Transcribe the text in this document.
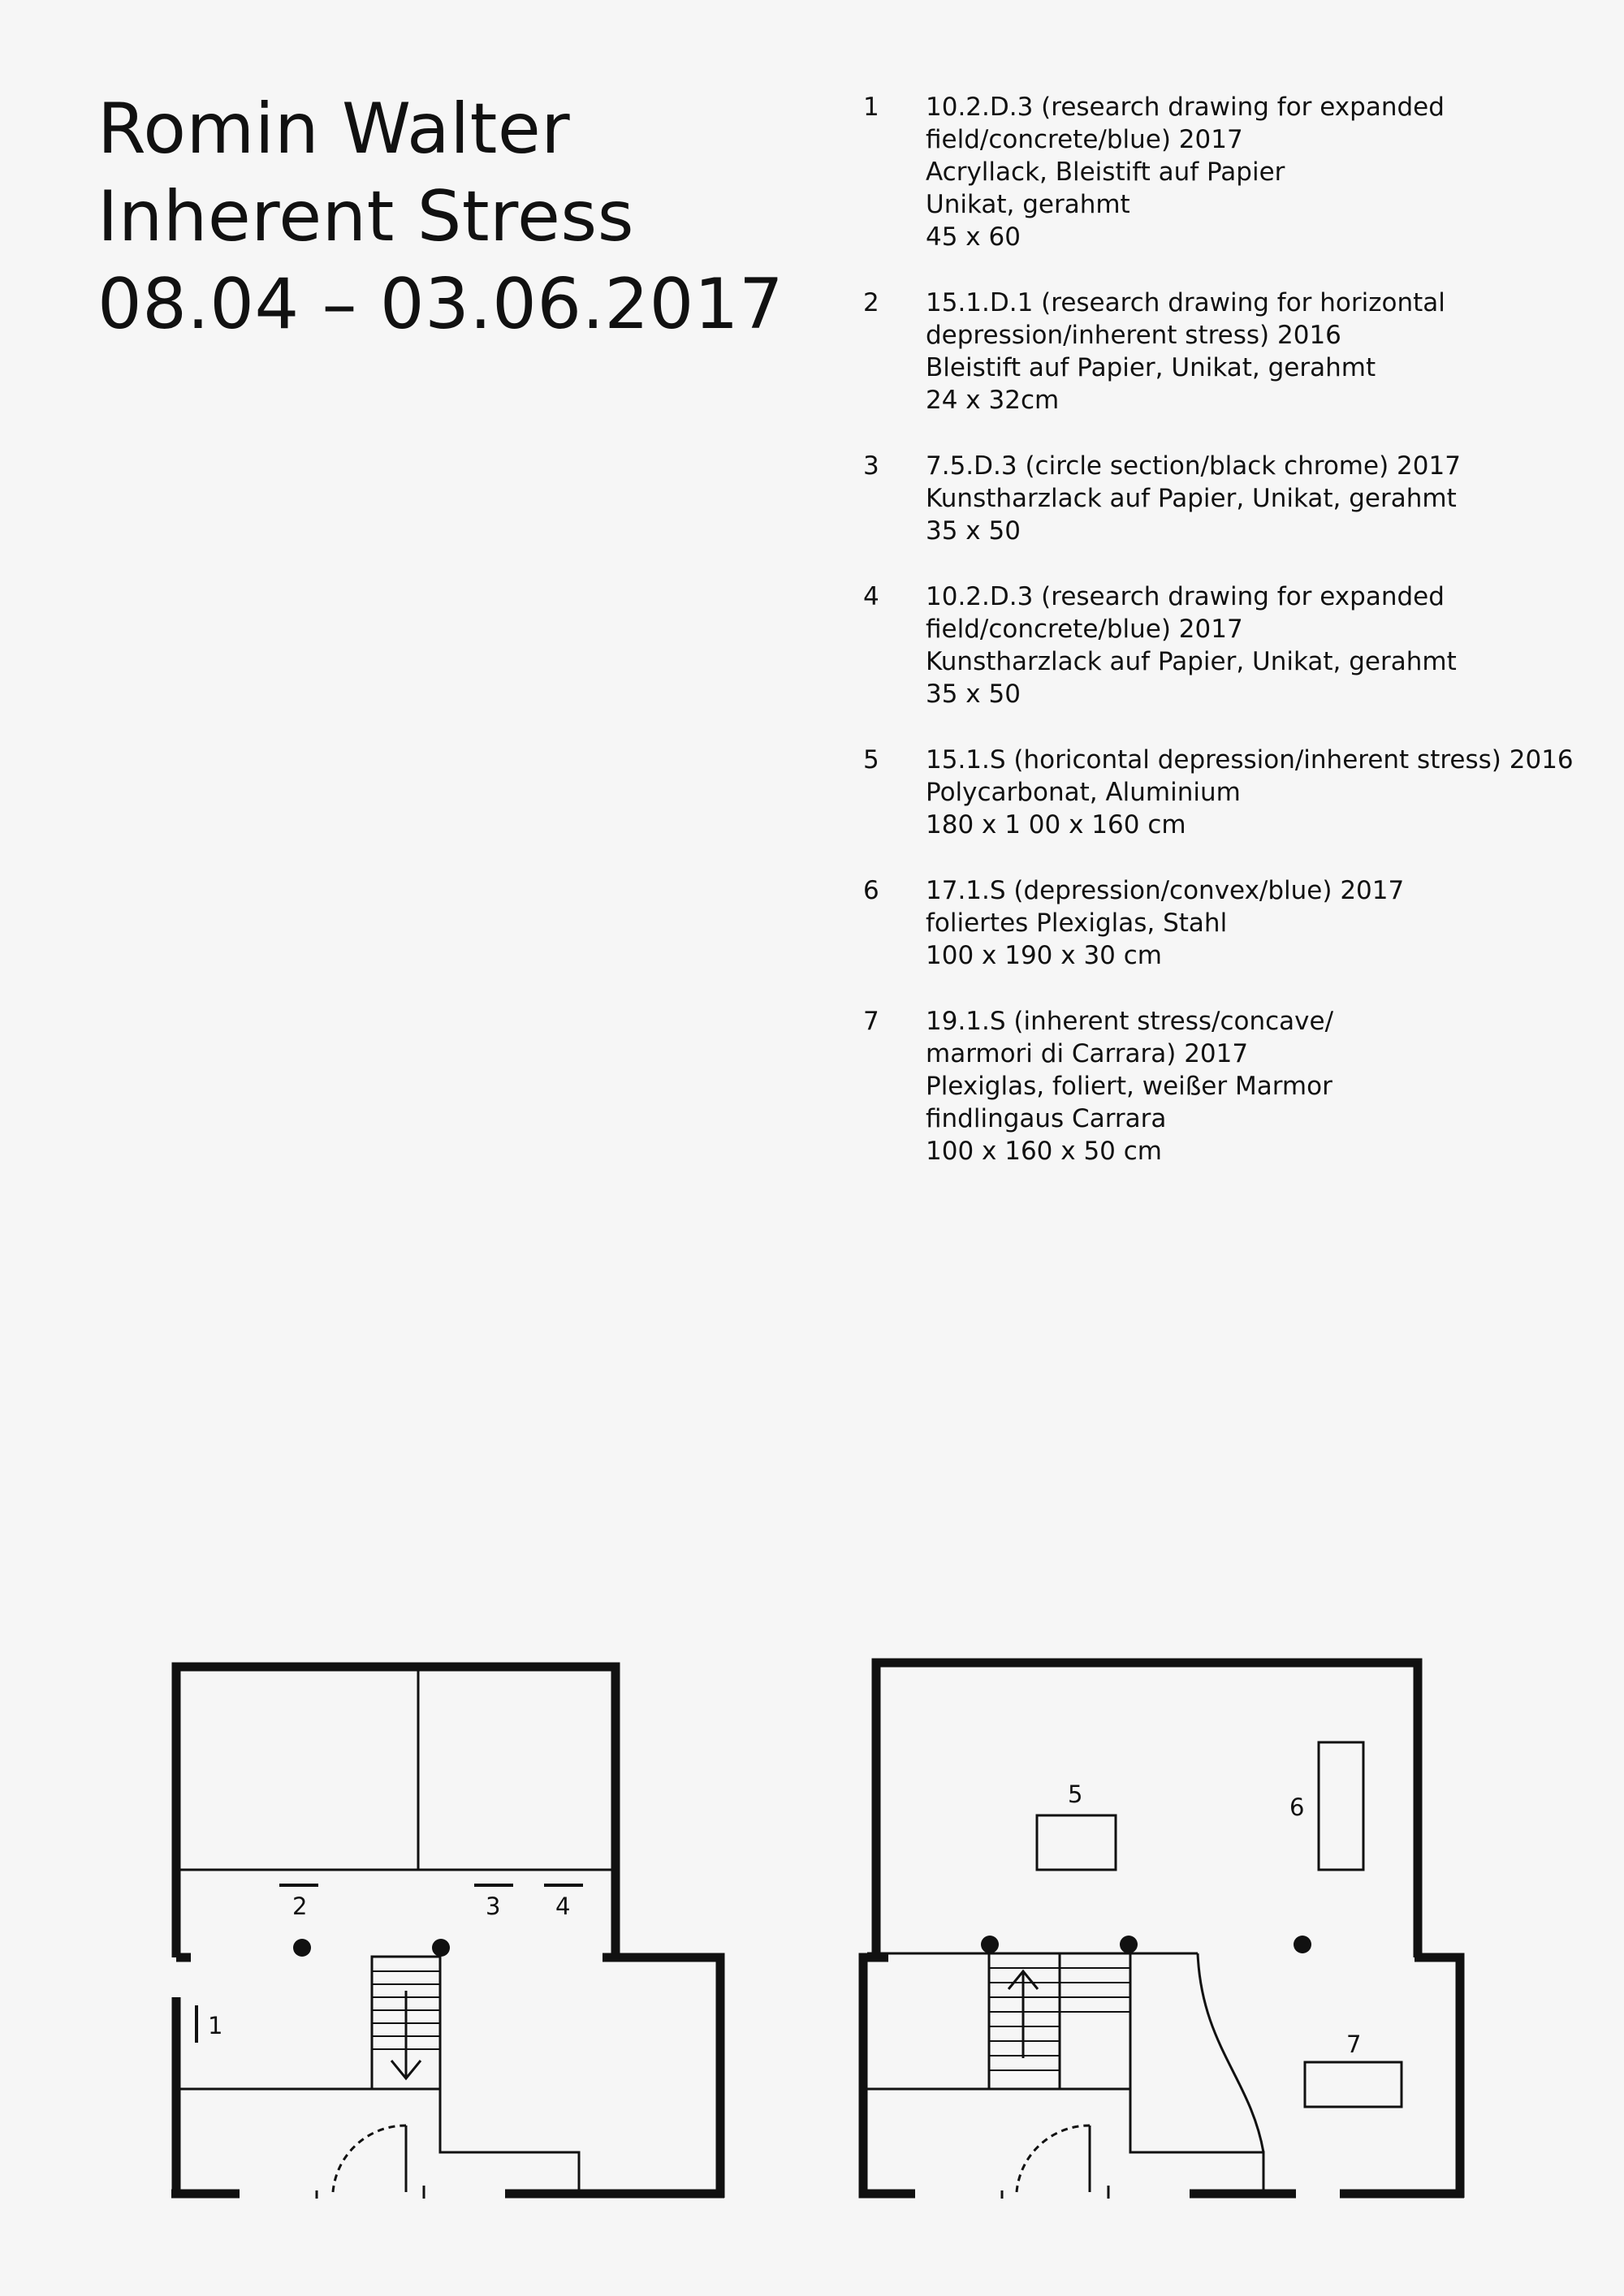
Romin Walter
Inherent Stress
08.04 – 03.06.2017
1	10.2.D.3 (research drawing for expanded
field/concrete/blue) 2017
Acryllack, Bleistift auf Papier
Unikat, gerahmt
45 x 60
2	15.1.D.1 (research drawing for horizontal
depression/inherent stress) 2016
Bleistift auf Papier, Unikat, gerahmt
24 x 32cm
3	7.5.D.3 (circle section/black chrome) 2017
Kunstharzlack auf Papier, Unikat, gerahmt
35 x 50
4	10.2.D.3 (research drawing for expanded
field/concrete/blue) 2017
Kunstharzlack auf Papier, Unikat, gerahmt
35 x 50
5	15.1.S (horicontal depression/inherent stress) 2016
Polycarbonat, Aluminium
180 x 1 00 x 160 cm
6	17.1.S (depression/convex/blue) 2017
foliertes Plexiglas, Stahl
100 x 190 x 30 cm
7	19.1.S (inherent stress/concave/
marmori di Carrara) 2017
Plexiglas, foliert, weißer Marmor
findlingaus Carrara
100 x 160 x 50 cm
1
2	3 4
5	6
7
